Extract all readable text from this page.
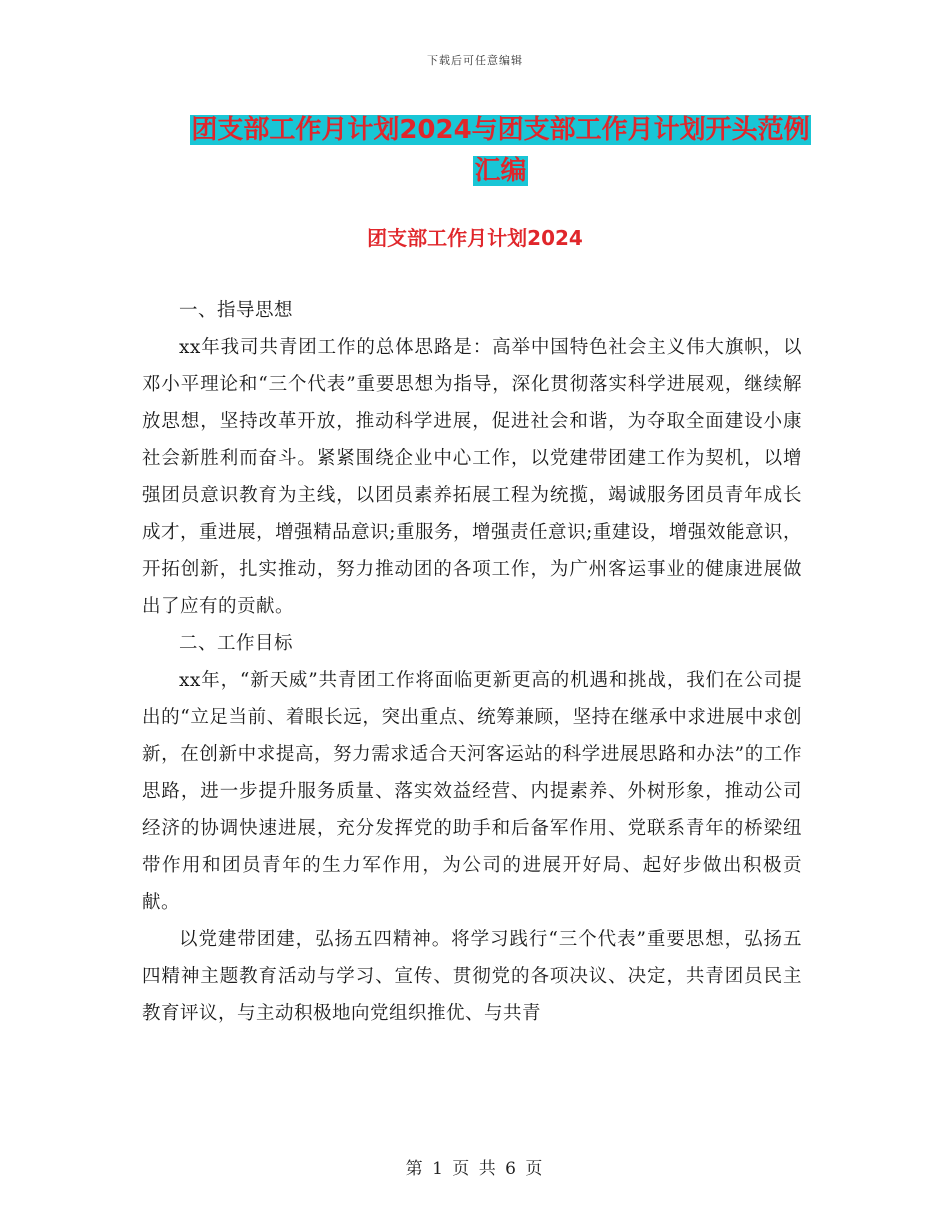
下载后可任意编辑
团支部工作月计划2024与团支部工作月计划开头范例汇编
团支部工作月计划2024

一、指导思想

xx年我司共青团工作的总体思路是：高举中国特色社会主义伟大旗帜，以邓小平理论和“三个代表”重要思想为指导，深化贯彻落实科学进展观，继续解放思想，坚持改革开放，推动科学进展，促进社会和谐，为夺取全面建设小康社会新胜利而奋斗。紧紧围绕企业中心工作，以党建带团建工作为契机，以增强团员意识教育为主线，以团员素养拓展工程为统揽，竭诚服务团员青年成长成才，重进展，增强精品意识;重服务，增强责任意识;重建设，增强效能意识，开拓创新，扎实推动，努力推动团的各项工作，为广州客运事业的健康进展做出了应有的贡献。

二、工作目标

xx年，“新天威”共青团工作将面临更新更高的机遇和挑战，我们在公司提出的“立足当前、着眼长远，突出重点、统筹兼顾，坚持在继承中求进展中求创新，在创新中求提高，努力需求适合天河客运站的科学进展思路和办法”的工作思路，进一步提升服务质量、落实效益经营、内提素养、外树形象，推动公司经济的协调快速进展，充分发挥党的助手和后备军作用、党联系青年的桥梁纽带作用和团员青年的生力军作用，为公司的进展开好局、起好步做出积极贡献。

以党建带团建，弘扬五四精神。将学习践行“三个代表”重要思想，弘扬五四精神主题教育活动与学习、宣传、贯彻党的各项决议、决定，共青团员民主教育评议，与主动积极地向党组织推优、与共青

第 1 页 共 6 页
